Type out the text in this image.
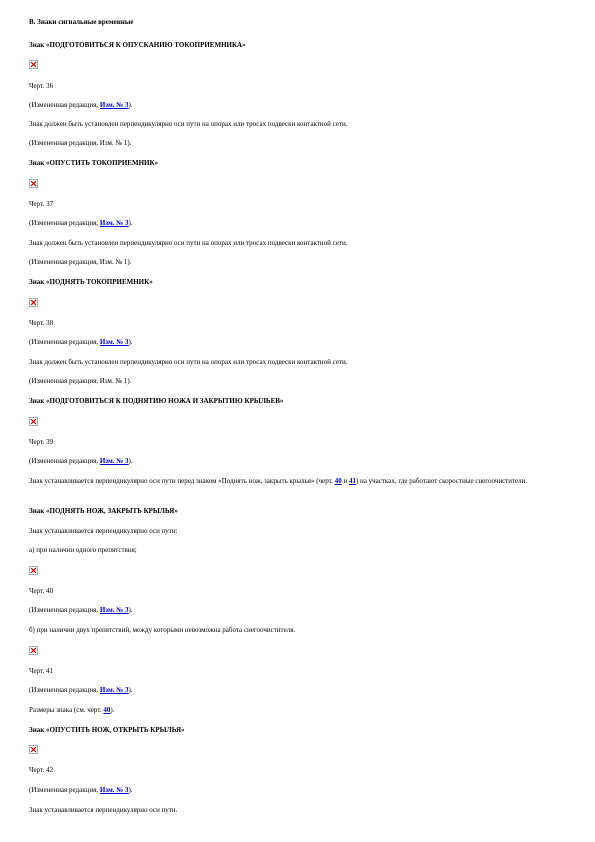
В. Знаки сигнальные временные

Знак «ПОДГОТОВИТЬСЯ К ОПУСКАНИЮ ТОКОПРИЕМНИКА»

Черт. 36

(Измененная редакция, Изм. № 3).

Знак должен быть установлен перпендикулярно оси пути на опорах или тросах подвески контактной сети.

(Измененная редакция, Изм. № 1).

Знак «ОПУСТИТЬ ТОКОПРИЕМНИК»

Черт. 37

(Измененная редакция, Изм. № 3).

Знак должен быть установлен перпендикулярно оси пути на опорах или тросах подвески контактной сети.

(Измененная редакция, Изм. № 1).

Знак «ПОДНЯТЬ ТОКОПРИЕМНИК»

Черт. 38

(Измененная редакция, Изм. № 3).

Знак должен быть установлен перпендикулярно оси пути на опорах или тросах подвески контактной сети.

(Измененная редакция, Изм. № 1).

Знак «ПОДГОТОВИТЬСЯ К ПОДНЯТИЮ НОЖА И ЗАКРЫТИЮ КРЫЛЬЕВ»

Черт. 39

(Измененная редакция, Изм. № 3).

Знак устанавливается перпендикулярно оси пути перед знаком «Поднять нож, закрыть крылья» (черт. 40 и 41) на участках, где работают скоростные снегоочистители.

Знак «ПОДНЯТЬ НОЖ, ЗАКРЫТЬ КРЫЛЬЯ»

Знак устанавливается перпендикулярно оси пути:

а) при наличии одного препятствия;

Черт. 40

(Измененная редакция, Изм. № 3).

б) при наличии двух препятствий, между которыми невозможна работа снегоочистителя.

Черт. 41

(Измененная редакция, Изм. № 3).

Размеры знака (см. черт. 40).

Знак «ОПУСТИТЬ НОЖ, ОТКРЫТЬ КРЫЛЬЯ»

Черт. 42

(Измененная редакция, Изм. № 3).

Знак устанавливается перпендикулярно оси пути.
